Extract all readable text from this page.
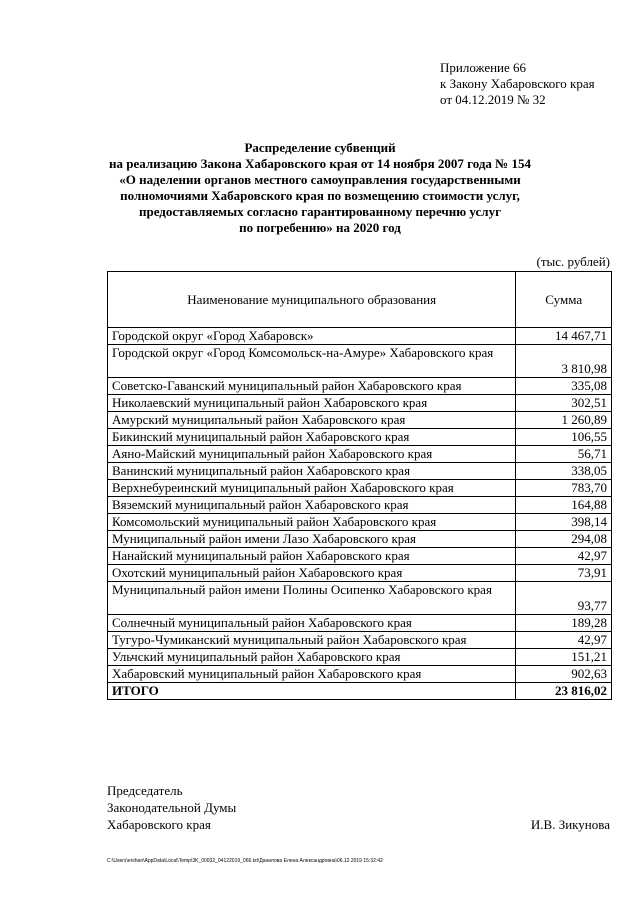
Приложение 66
к Закону Хабаровского края
от 04.12.2019 № 32
Распределение субвенций
на реализацию Закона Хабаровского края от 14 ноября 2007 года № 154
«О наделении органов местного самоуправления государственными
полномочиями Хабаровского края по возмещению стоимости услуг,
предоставляемых согласно гарантированному перечню услуг
по погребению» на 2020 год
(тыс. рублей)
Наименование муниципального образования	Сумма
Городской округ «Город Хабаровск»	14 467,71
Городской округ «Город Комсомольск-на-Амуре» Хабаровского края	3 810,98
Советско-Гаванский муниципальный район Хабаровского края	335,08
Николаевский муниципальный район Хабаровского края	302,51
Амурский муниципальный район Хабаровского края	1 260,89
Бикинский муниципальный район Хабаровского края	106,55
Аяно-Майский муниципальный район Хабаровского края	56,71
Ванинский муниципальный район Хабаровского края	338,05
Верхнебуреинский муниципальный район Хабаровского края	783,70
Вяземский муниципальный район Хабаровского края	164,88
Комсомольский муниципальный район Хабаровского края	398,14
Муниципальный район имени Лазо Хабаровского края	294,08
Нанайский муниципальный район Хабаровского края	42,97
Охотский муниципальный район Хабаровского края	73,91
Муниципальный район имени Полины Осипенко Хабаровского края	93,77
Солнечный муниципальный район Хабаровского края	189,28
Тугуро-Чумиканский муниципальный район Хабаровского края	42,97
Ульчский муниципальный район Хабаровского края	151,21
Хабаровский муниципальный район Хабаровского края	902,63
ИТОГО	23 816,02
Председатель
Законодательной Думы
Хабаровского края	И.В. Зикунова
C:\Users\ershan\AppData\Local\Temp\3K_00032_04122019_066.txt\Данилова Елена Александровна\06.12.2019 15:32:42
